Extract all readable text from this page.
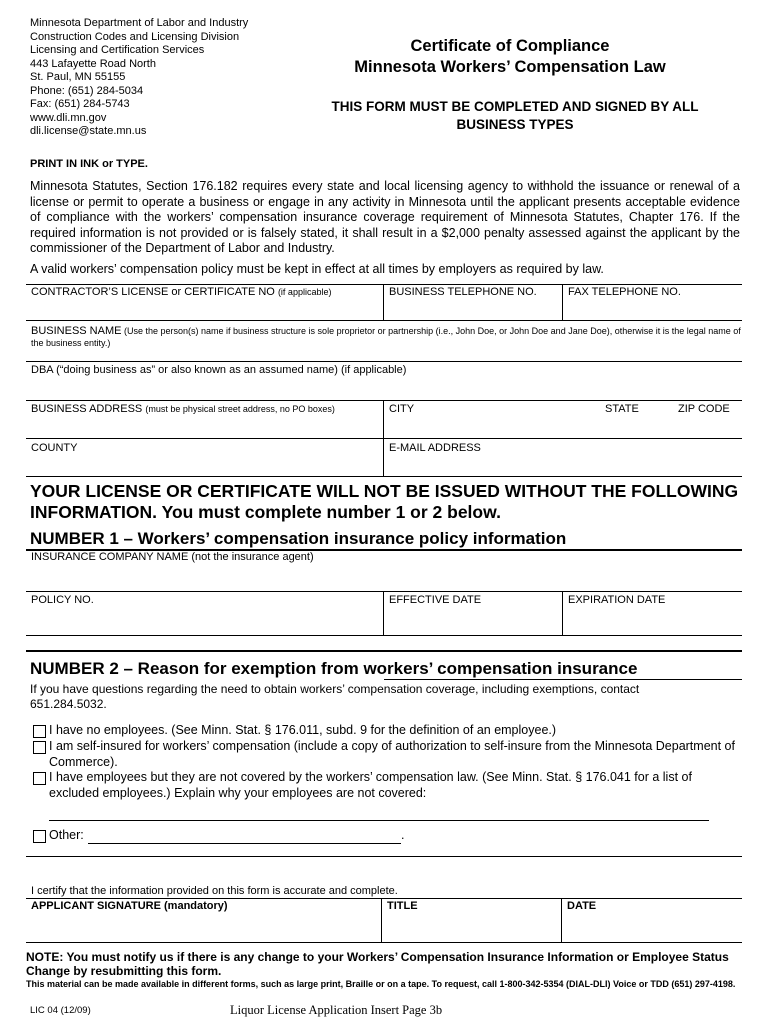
Minnesota Department of Labor and Industry
Construction Codes and Licensing Division
Licensing and Certification Services
443 Lafayette Road North
St. Paul, MN 55155
Phone: (651) 284-5034
Fax: (651) 284-5743
www.dli.mn.gov
dli.license@state.mn.us
Certificate of Compliance
Minnesota Workers’ Compensation Law
THIS FORM MUST BE COMPLETED AND SIGNED BY ALL BUSINESS TYPES
PRINT IN INK or TYPE.
Minnesota Statutes, Section 176.182 requires every state and local licensing agency to withhold the issuance or renewal of a license or permit to operate a business or engage in any activity in Minnesota until the applicant presents acceptable evidence of compliance with the workers’ compensation insurance coverage requirement of Minnesota Statutes, Chapter 176. If the required information is not provided or is falsely stated, it shall result in a $2,000 penalty assessed against the applicant by the commissioner of the Department of Labor and Industry.
A valid workers’ compensation policy must be kept in effect at all times by employers as required by law.
CONTRACTOR’S LICENSE or CERTIFICATE NO (if applicable)	BUSINESS TELEPHONE NO.	FAX TELEPHONE NO.
BUSINESS NAME (Use the person(s) name if business structure is sole proprietor or partnership (i.e., John Doe, or John Doe and Jane Doe), otherwise it is the legal name of the business entity.)
DBA (“doing business as” or also known as an assumed name) (if applicable)
BUSINESS ADDRESS (must be physical street address, no PO boxes)	CITY	STATE	ZIP CODE
COUNTY	E-MAIL ADDRESS
YOUR LICENSE OR CERTIFICATE WILL NOT BE ISSUED WITHOUT THE FOLLOWING INFORMATION. You must complete number 1 or 2 below.
NUMBER 1 – Workers’ compensation insurance policy information
INSURANCE COMPANY NAME (not the insurance agent)
POLICY NO.	EFFECTIVE DATE	EXPIRATION DATE
NUMBER 2 – Reason for exemption from workers’ compensation insurance
If you have questions regarding the need to obtain workers’ compensation coverage, including exemptions, contact 651.284.5032.
I have no employees. (See Minn. Stat. § 176.011, subd. 9 for the definition of an employee.)
I am self-insured for workers’ compensation (include a copy of authorization to self-insure from the Minnesota Department of Commerce).
I have employees but they are not covered by the workers’ compensation law. (See Minn. Stat. § 176.041 for a list of excluded employees.) Explain why your employees are not covered:
Other:	.
I certify that the information provided on this form is accurate and complete.
APPLICANT SIGNATURE (mandatory)	TITLE	DATE
NOTE: You must notify us if there is any change to your Workers’ Compensation Insurance Information or Employee Status Change by resubmitting this form.
This material can be made available in different forms, such as large print, Braille or on a tape. To request, call 1-800-342-5354 (DIAL-DLI) Voice or TDD (651) 297-4198.
LIC 04 (12/09)	Liquor License Application Insert Page 3b
